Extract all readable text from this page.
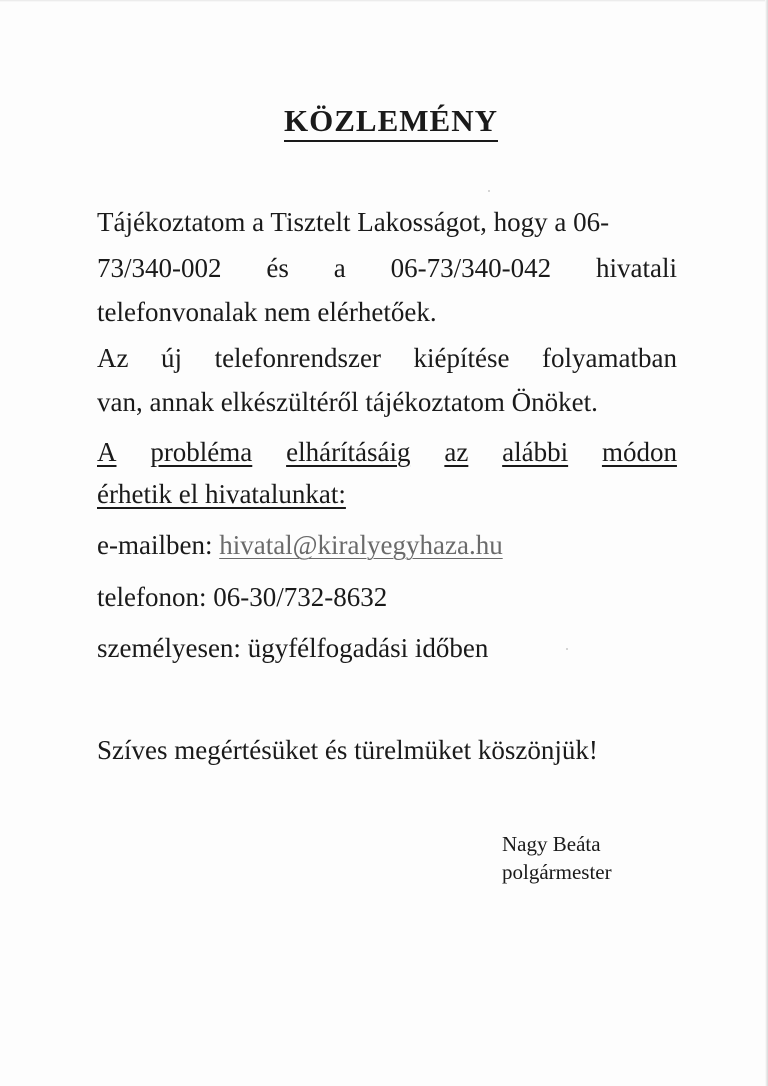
KÖZLEMÉNY
Tájékoztatom a Tisztelt Lakosságot, hogy a 06-
73/340-002 és a 06-73/340-042 hivatali
telefonvonalak nem elérhetőek.
Az új telefonrendszer kiépítése folyamatban
van, annak elkészültéről tájékoztatom Önöket.
A probléma elhárításáig az alábbi módon
érhetik el hivatalunkat:
e-mailben: hivatal@kiralyegyhaza.hu
telefonon: 06-30/732-8632
személyesen: ügyfélfogadási időben
Szíves megértésüket és türelmüket köszönjük!
Nagy Beáta
polgármester
